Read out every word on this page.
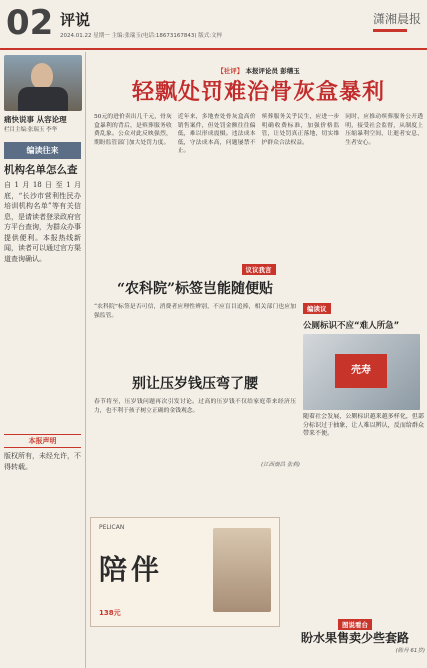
02 评说
2024.01.22 星期一 主编:张瑞玉(电话:18673167843) 版式:文梓
潇湘晨报
痛快说事 从容论理
栏目主编:张瑞玉 李华
编读往来
机构名单怎么查
自1月18日至1月底，“长沙市营利性民办培训机构名单”等有关信息，是请读者登录政府官方平台查询，为群众办事提供便利。本报热线新闻，读者可以通过官方渠道查询确认。
本报声明
版权所有，未经允许，不得转载。
【社评】 本报评论员 彭缮玉
轻飘处罚难治骨灰盒暴利
50元的进价卖出几千元，骨灰盒暴利的背后，是殡葬服务收费乱象。公众对此反映强烈，期盼监管部门加大处罚力度。
近年来，多地查处骨灰盒高价销售案件，但处罚金额往往偏低，难以形成震慑。违法成本低，守法成本高，问题屡禁不止。
殡葬服务关乎民生，应进一步明确收费标准，加强价格监管，让处罚真正落地，切实维护群众合法权益。
同时，应推动殡葬服务公开透明，接受社会监督，从制度上压缩暴利空间，让逝者安息，生者安心。
议议我言
“农科院”标签岂能随便贴
“农科院”标签是否可信，消费者应理性辨别，不应盲目追捧，相关部门也应加强监管。
别让压岁钱压弯了腰
春节将至，压岁钱问题再次引发讨论。过高的压岁钱不仅给家庭带来经济压力，也不利于孩子树立正确的金钱观念。
(江西南昌 张莉)
编读议
公厕标识不应“难人所急”
壳寿
随着社会发展，公厕标识越来越多样化，但部分标识过于抽象，让人难以辨认，反而给群众带来不便。
PELICAN
陪伴
138元
图说看台
盼水果售卖少些套路
(陈丹 61岁)
